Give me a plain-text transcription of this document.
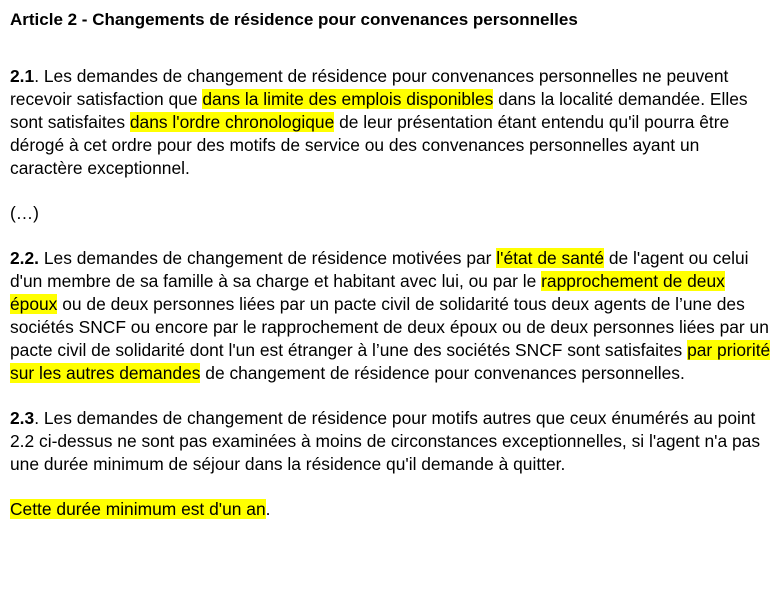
Article 2 - Changements de résidence pour convenances personnelles
2.1. Les demandes de changement de résidence pour convenances personnelles ne peuvent recevoir satisfaction que dans la limite des emplois disponibles dans la localité demandée. Elles sont satisfaites dans l'ordre chronologique de leur présentation étant entendu qu'il pourra être dérogé à cet ordre pour des motifs de service ou des convenances personnelles ayant un caractère exceptionnel.
(…)
2.2. Les demandes de changement de résidence motivées par l'état de santé de l'agent ou celui d'un membre de sa famille à sa charge et habitant avec lui, ou par le rapprochement de deux époux ou de deux personnes liées par un pacte civil de solidarité tous deux agents de l’une des sociétés SNCF ou encore par le rapprochement de deux époux ou de deux personnes liées par un pacte civil de solidarité dont l'un est étranger à l’une des sociétés SNCF sont satisfaites par priorité sur les autres demandes de changement de résidence pour convenances personnelles.
2.3. Les demandes de changement de résidence pour motifs autres que ceux énumérés au point 2.2 ci-dessus ne sont pas examinées à moins de circonstances exceptionnelles, si l'agent n'a pas une durée minimum de séjour dans la résidence qu'il demande à quitter.
Cette durée minimum est d'un an.
